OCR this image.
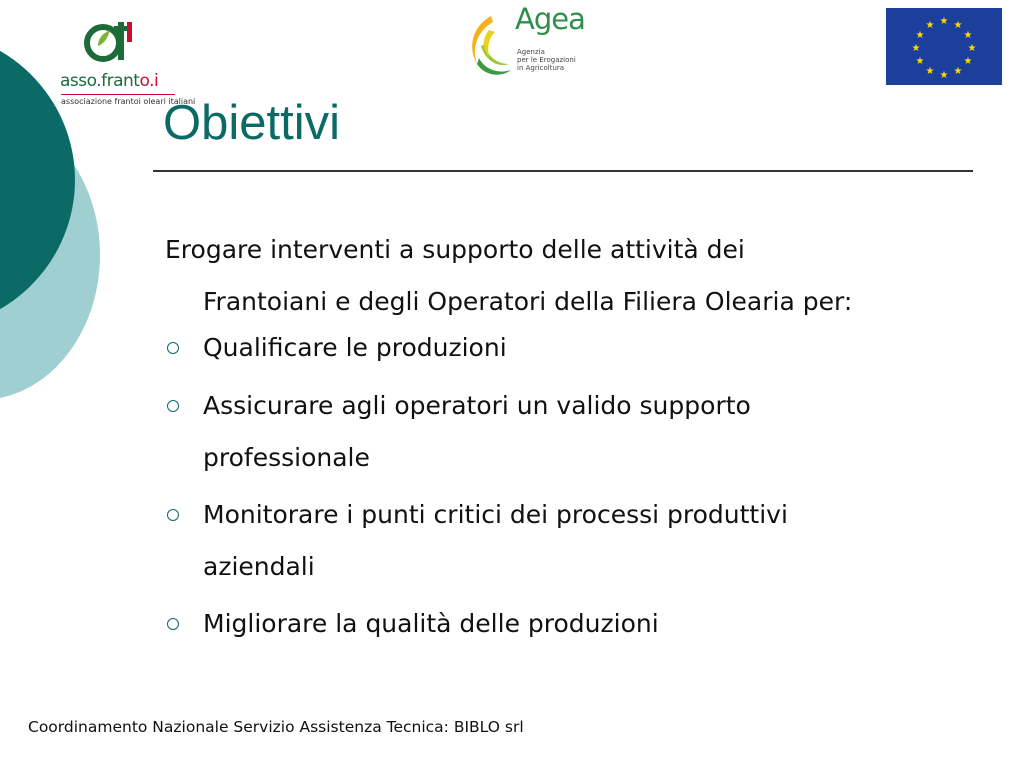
asso.franto.i
associazione frantoi oleari italiani
Agea
Agenzia
per le Erogazioni
in Agricoltura
★ ★
★
★
★
★
★
★
★
★
★
★
Obiettivi
Erogare interventi a supporto delle attività dei
Frantoiani e degli Operatori della Filiera Olearia per:
Qualificare le produzioni
Assicurare agli operatori un valido supporto
professionale
Monitorare i punti critici dei processi produttivi
aziendali
Migliorare la qualità delle produzioni
Coordinamento Nazionale Servizio Assistenza Tecnica: BIBLO srl
